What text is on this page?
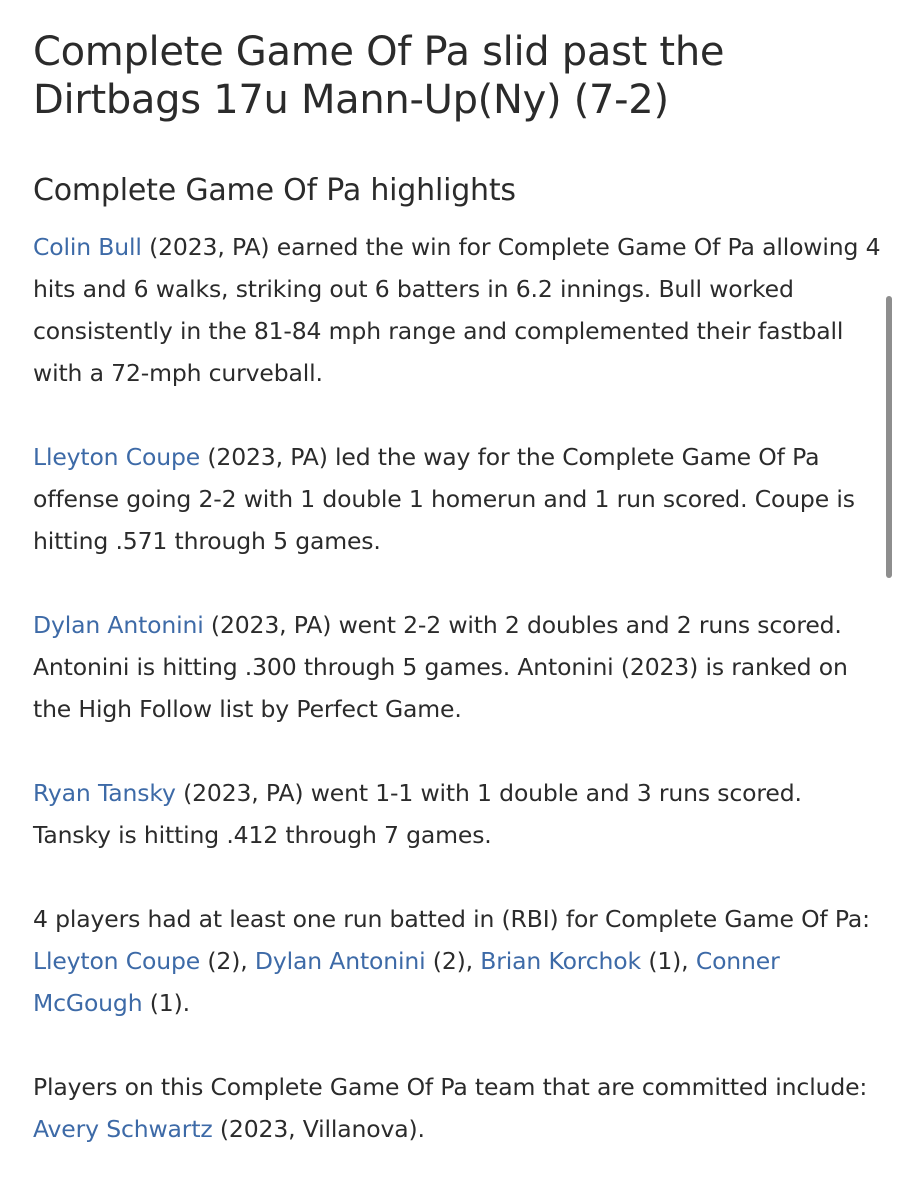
Complete Game Of Pa slid past the Dirtbags 17u Mann-Up(Ny) (7-2)
Complete Game Of Pa highlights

Colin Bull (2023, PA) earned the win for Complete Game Of Pa allowing 4 hits and 6 walks, striking out 6 batters in 6.2 innings. Bull worked consistently in the 81-84 mph range and complemented their fastball with a 72-mph curveball.

Lleyton Coupe (2023, PA) led the way for the Complete Game Of Pa offense going 2-2 with 1 double 1 homerun and 1 run scored. Coupe is hitting .571 through 5 games.

Dylan Antonini (2023, PA) went 2-2 with 2 doubles and 2 runs scored. Antonini is hitting .300 through 5 games. Antonini (2023) is ranked on the High Follow list by Perfect Game.

Ryan Tansky (2023, PA) went 1-1 with 1 double and 3 runs scored. Tansky is hitting .412 through 7 games.

4 players had at least one run batted in (RBI) for Complete Game Of Pa: Lleyton Coupe (2), Dylan Antonini (2), Brian Korchok (1), Conner McGough (1).

Players on this Complete Game Of Pa team that are committed include: Avery Schwartz (2023, Villanova).
